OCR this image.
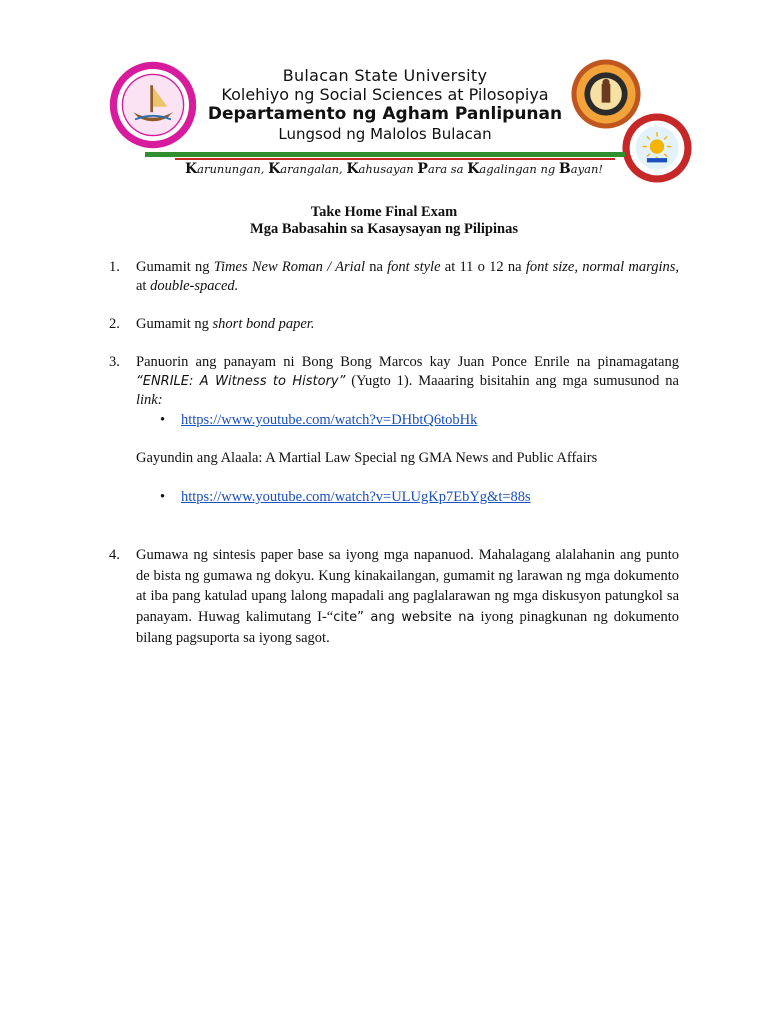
Bulacan State University
Kolehiyo ng Social Sciences at Pilosopiya
Departamento ng Agham Panlipunan
Lungsod ng Malolos Bulacan
Karunungan, Karangalan, Kahusayan Para sa Kagalingan ng Bayan!
Take Home Final Exam
Mga Babasahin sa Kasaysayan ng Pilipinas
1. Gumamit ng Times New Roman / Arial na font style at 11 o 12 na font size, normal margins, at double-spaced.
2. Gumamit ng short bond paper.
3. Panuorin ang panayam ni Bong Bong Marcos kay Juan Ponce Enrile na pinamagatang “ENRILE: A Witness to History” (Yugto 1). Maaaring bisitahin ang mga sumusunod na link:
• https://www.youtube.com/watch?v=DHbtQ6tobHk
Gayundin ang Alaala: A Martial Law Special ng GMA News and Public Affairs
• https://www.youtube.com/watch?v=ULUgKp7EbYg&t=88s
4. Gumawa ng sintesis paper base sa iyong mga napanuod. Mahalagang alalahanin ang punto de bista ng gumawa ng dokyu. Kung kinakailangan, gumamit ng larawan ng mga dokumento at iba pang katulad upang lalong mapadali ang paglalarawan ng mga diskusyon patungkol sa panayam. Huwag kalimutang I-“cite” ang website na iyong pinagkunan ng dokumento bilang pagsuporta sa iyong sagot.
